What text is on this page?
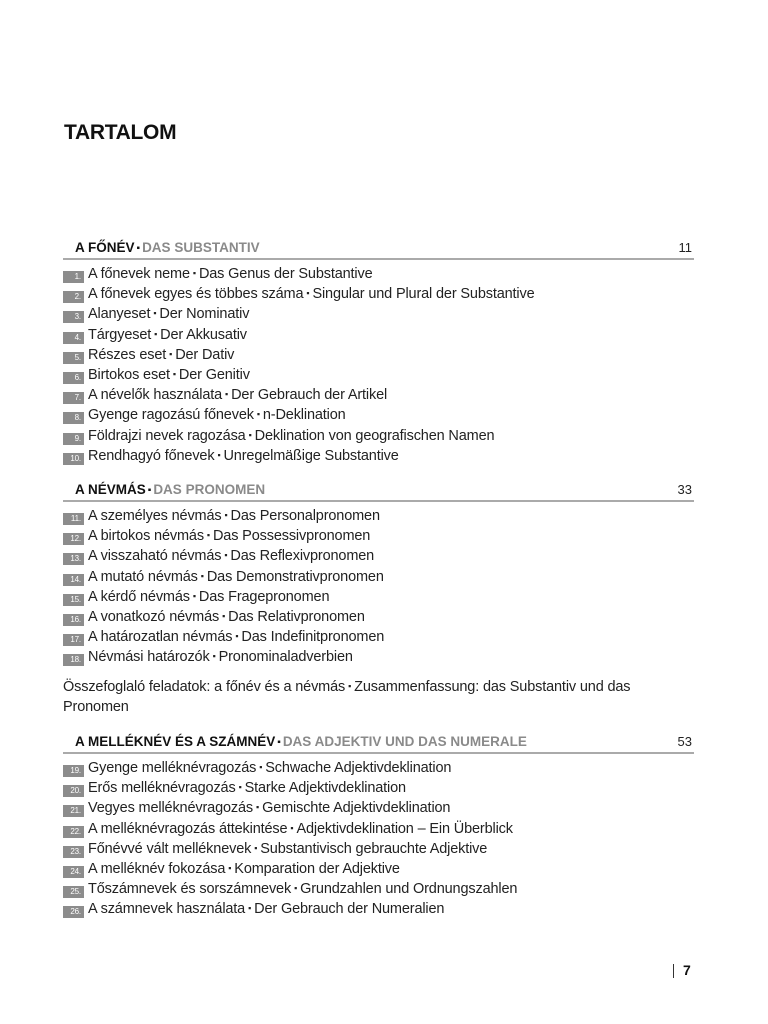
TARTALOM
A FŐNÉV ▪ DAS SUBSTANTIV	11
1. A főnevek neme ▪ Das Genus der Substantive
2. A főnevek egyes és többes száma ▪ Singular und Plural der Substantive
3. Alanyeset ▪ Der Nominativ
4. Tárgyeset ▪ Der Akkusativ
5. Részes eset ▪ Der Dativ
6. Birtokos eset ▪ Der Genitiv
7. A névelők használata ▪ Der Gebrauch der Artikel
8. Gyenge ragozású főnevek ▪ n-Deklination
9. Földrajzi nevek ragozása ▪ Deklination von geografischen Namen
10. Rendhagyó főnevek ▪ Unregelmäßige Substantive
A NÉVMÁS ▪ DAS PRONOMEN	33
11. A személyes névmás ▪ Das Personalpronomen
12. A birtokos névmás ▪ Das Possessivpronomen
13. A visszaható névmás ▪ Das Reflexivpronomen
14. A mutató névmás ▪ Das Demonstrativpronomen
15. A kérdő névmás ▪ Das Fragepronomen
16. A vonatkozó névmás ▪ Das Relativpronomen
17. A határozatlan névmás ▪ Das Indefinitpronomen
18. Névmási határozók ▪ Pronominaladverbien
Összefoglaló feladatok: a főnév és a névmás ▪ Zusammenfassung: das Substantiv und das Pronomen
A MELLÉKNÉV ÉS A SZÁMNÉV ▪ DAS ADJEKTIV UND DAS NUMERALE	53
19. Gyenge melléknévragozás ▪ Schwache Adjektivdeklination
20. Erős melléknévragozás ▪ Starke Adjektivdeklination
21. Vegyes melléknévragozás ▪ Gemischte Adjektivdeklination
22. A melléknévragozás áttekintése ▪ Adjektivdeklination – Ein Überblick
23. Főnévvé vált melléknevek ▪ Substantivisch gebrauchte Adjektive
24. A melléknév fokozása ▪ Komparation der Adjektive
25. Tőszámnevek és sorszámnevek ▪ Grundzahlen und Ordnungszahlen
26. A számnevek használata ▪ Der Gebrauch der Numeralien
7
